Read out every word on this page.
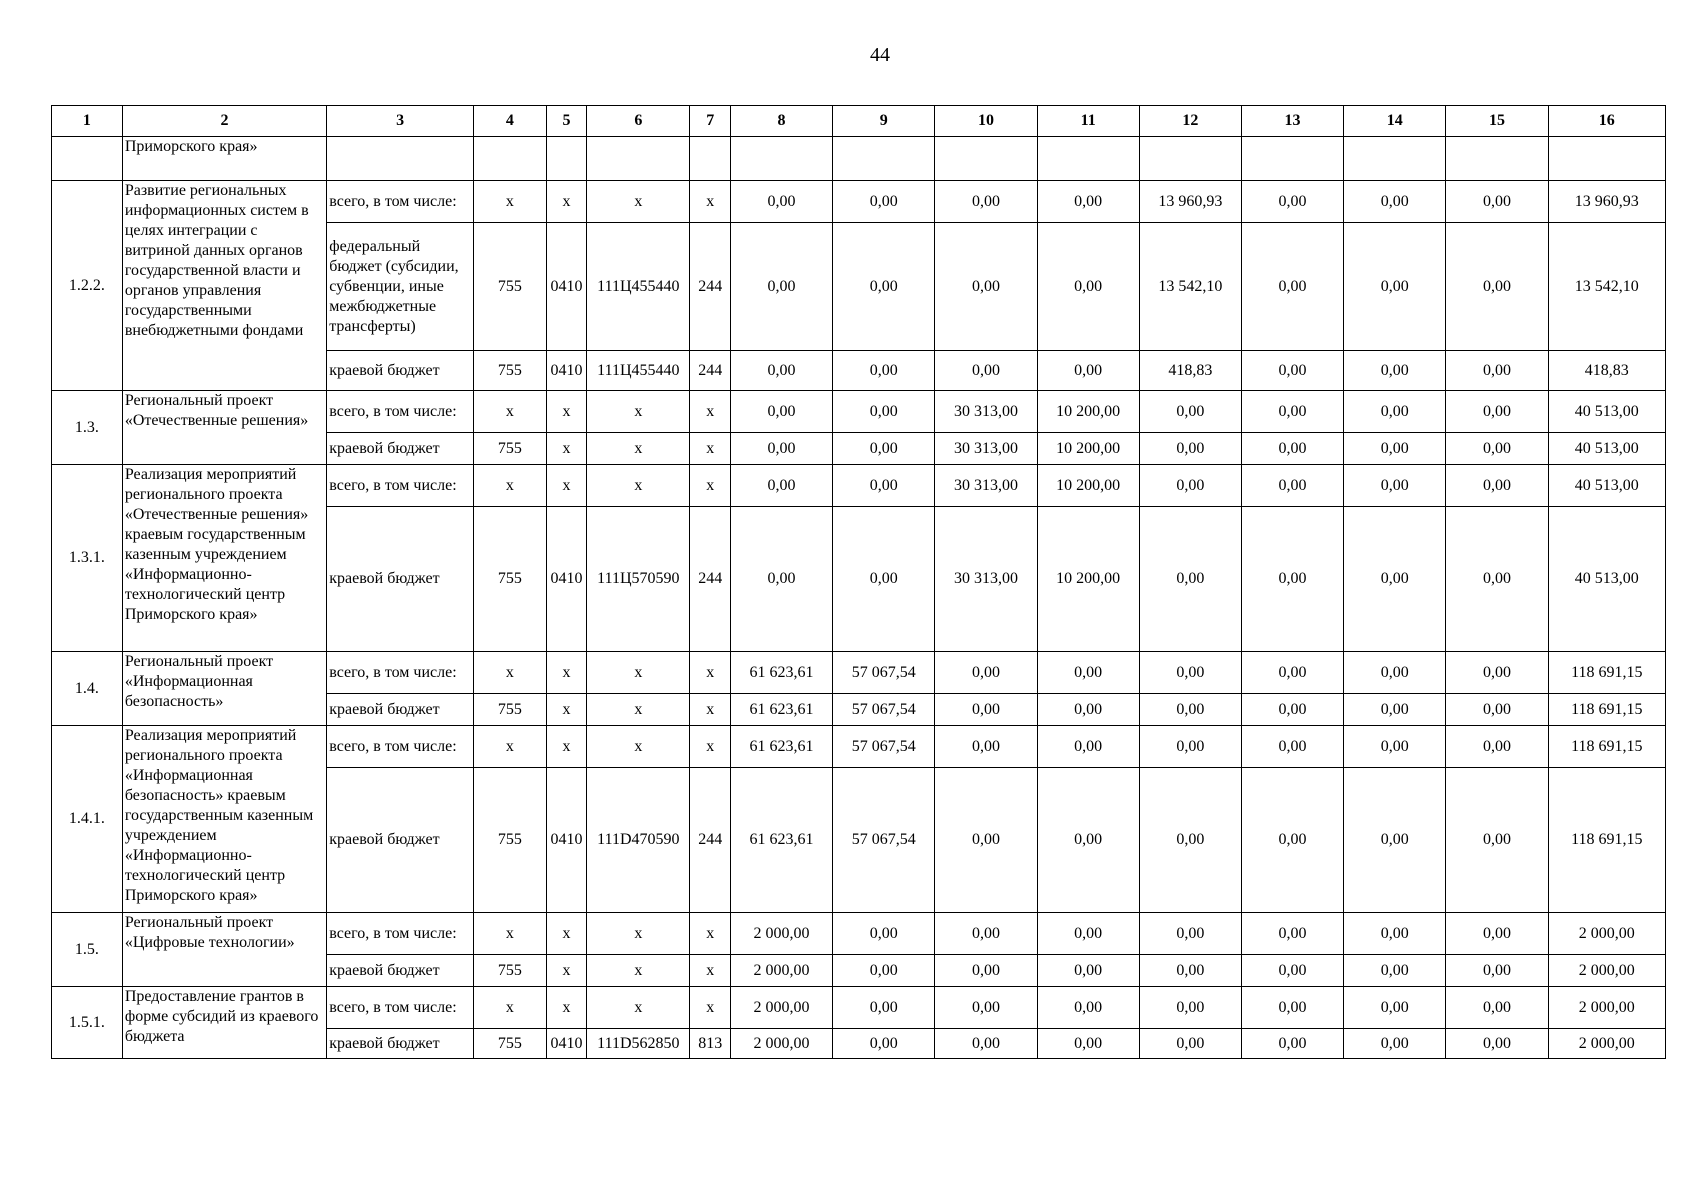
44
1	2	3	4	5	6	7	8	9	10	11	12	13	14	15	16
	Приморского края»														
1.2.2.	Развитие региональных информационных систем в целях интеграции с витриной данных органов государственной власти и органов управления государственными внебюджетными фондами	всего, в том числе:	х	х	х	х	0,00	0,00	0,00	0,00	13 960,93	0,00	0,00	0,00	13 960,93
		федеральный бюджет (субсидии, субвенции, иные межбюджетные трансферты)	755	0410	111Ц455440	244	0,00	0,00	0,00	0,00	13 542,10	0,00	0,00	0,00	13 542,10
		краевой бюджет	755	0410	111Ц455440	244	0,00	0,00	0,00	0,00	418,83	0,00	0,00	0,00	418,83
1.3.	Региональный проект «Отечественные решения»	всего, в том числе:	х	х	х	х	0,00	0,00	30 313,00	10 200,00	0,00	0,00	0,00	0,00	40 513,00
		краевой бюджет	755	х	х	х	0,00	0,00	30 313,00	10 200,00	0,00	0,00	0,00	0,00	40 513,00
1.3.1.	Реализация мероприятий регионального проекта «Отечественные решения» краевым государственным казенным учреждением «Информационно-технологический центр Приморского края»	всего, в том числе:	х	х	х	х	0,00	0,00	30 313,00	10 200,00	0,00	0,00	0,00	0,00	40 513,00
		краевой бюджет	755	0410	111Ц570590	244	0,00	0,00	30 313,00	10 200,00	0,00	0,00	0,00	0,00	40 513,00
1.4.	Региональный проект «Информационная безопасность»	всего, в том числе:	х	х	х	х	61 623,61	57 067,54	0,00	0,00	0,00	0,00	0,00	0,00	118 691,15
		краевой бюджет	755	х	х	х	61 623,61	57 067,54	0,00	0,00	0,00	0,00	0,00	0,00	118 691,15
1.4.1.	Реализация мероприятий регионального проекта «Информационная безопасность» краевым государственным казенным учреждением «Информационно-технологический центр Приморского края»	всего, в том числе:	х	х	х	х	61 623,61	57 067,54	0,00	0,00	0,00	0,00	0,00	0,00	118 691,15
		краевой бюджет	755	0410	111D470590	244	61 623,61	57 067,54	0,00	0,00	0,00	0,00	0,00	0,00	118 691,15
1.5.	Региональный проект «Цифровые технологии»	всего, в том числе:	х	х	х	х	2 000,00	0,00	0,00	0,00	0,00	0,00	0,00	0,00	2 000,00
		краевой бюджет	755	х	х	х	2 000,00	0,00	0,00	0,00	0,00	0,00	0,00	0,00	2 000,00
1.5.1.	Предоставление грантов в форме субсидий из краевого бюджета	всего, в том числе:	х	х	х	х	2 000,00	0,00	0,00	0,00	0,00	0,00	0,00	0,00	2 000,00
		краевой бюджет	755	0410	111D562850	813	2 000,00	0,00	0,00	0,00	0,00	0,00	0,00	0,00	2 000,00
